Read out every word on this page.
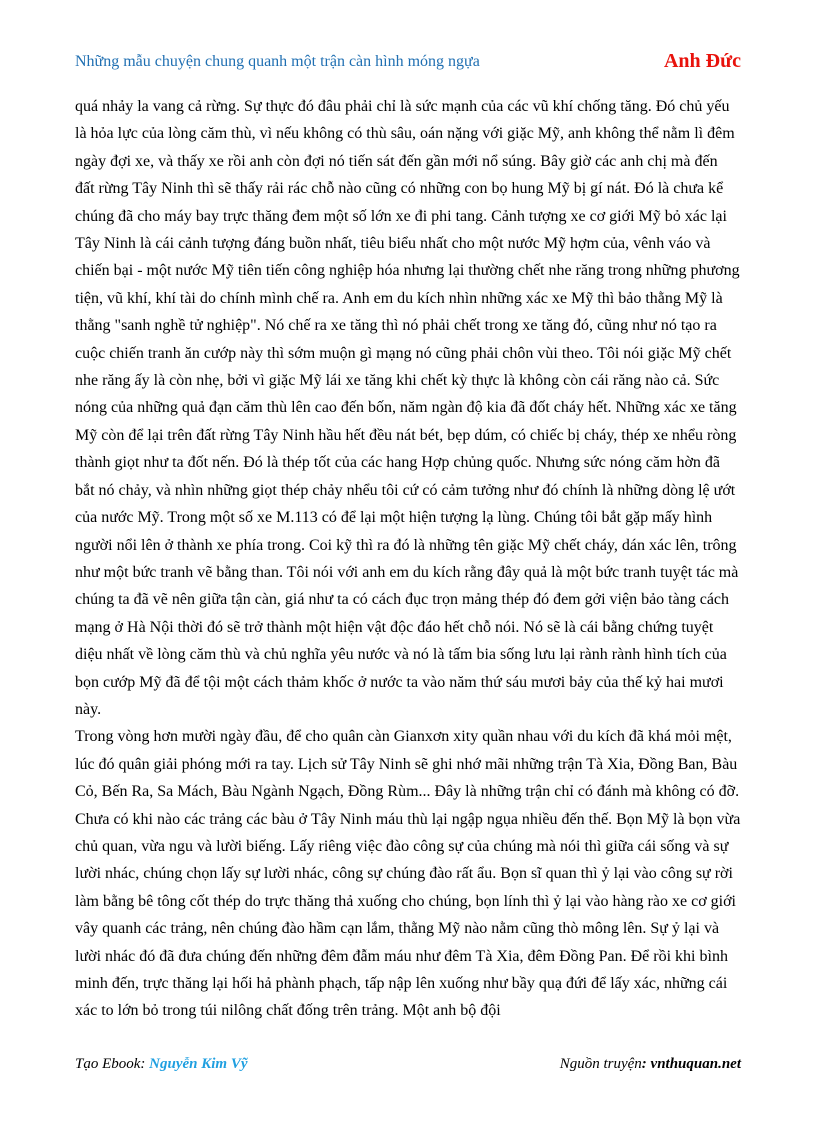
Những mẫu chuyện chung quanh một trận càn hình móng ngựa	Anh Đức

quá nhảy la vang cả rừng. Sự thực đó đâu phải chỉ là sức mạnh của các vũ khí chống tăng. Đó chủ yếu là hỏa lực của lòng căm thù, vì nếu không có thù sâu, oán nặng với giặc Mỹ, anh không thể nằm lì đêm ngày đợi xe, và thấy xe rồi anh còn đợi nó tiến sát đến gần mới nổ súng. Bây giờ các anh chị mà đến đất rừng Tây Ninh thì sẽ thấy rải rác chỗ nào cũng có những con bọ hung Mỹ bị gí nát. Đó là chưa kể chúng đã cho máy bay trực thăng đem một số lớn xe đi phi tang. Cảnh tượng xe cơ giới Mỹ bỏ xác lại Tây Ninh là cái cảnh tượng đáng buồn nhất, tiêu biểu nhất cho một nước Mỹ hợm của, vênh váo và chiến bại - một nước Mỹ tiên tiến công nghiệp hóa nhưng lại thường chết nhe răng trong những phương tiện, vũ khí, khí tài do chính mình chế ra. Anh em du kích nhìn những xác xe Mỹ thì bảo thằng Mỹ là thằng "sanh nghề tử nghiệp". Nó chế ra xe tăng thì nó phải chết trong xe tăng đó, cũng như nó tạo ra cuộc chiến tranh ăn cướp này thì sớm muộn gì mạng nó cũng phải chôn vùi theo. Tôi nói giặc Mỹ chết nhe răng ấy là còn nhẹ, bởi vì giặc Mỹ lái xe tăng khi chết kỳ thực là không còn cái răng nào cả. Sức nóng của những quả đạn căm thù lên cao đến bốn, năm ngàn độ kia đã đốt cháy hết. Những xác xe tăng Mỹ còn để lại trên đất rừng Tây Ninh hầu hết đều nát bét, bẹp dúm, có chiếc bị cháy, thép xe nhểu ròng thành giọt như ta đốt nến. Đó là thép tốt của các hang Hợp chủng quốc. Nhưng sức nóng căm hờn đã bắt nó chảy, và nhìn những giọt thép chảy nhểu tôi cứ có cảm tưởng như đó chính là những dòng lệ ướt của nước Mỹ. Trong một số xe M.113 có để lại một hiện tượng lạ lùng. Chúng tôi bắt gặp mấy hình người nổi lên ở thành xe phía trong. Coi kỹ thì ra đó là những tên giặc Mỹ chết cháy, dán xác lên, trông như một bức tranh vẽ bằng than. Tôi nói với anh em du kích rằng đây quả là một bức tranh tuyệt tác mà chúng ta đã vẽ nên giữa tận càn, giá như ta có cách đục trọn mảng thép đó đem gởi viện bảo tàng cách mạng ở Hà Nội thời đó sẽ trở thành một hiện vật độc đáo hết chỗ nói. Nó sẽ là cái bằng chứng tuyệt diệu nhất về lòng căm thù và chủ nghĩa yêu nước và nó là tấm bia sống lưu lại rành rành hình tích của bọn cướp Mỹ đã để tội một cách thảm khốc ở nước ta vào năm thứ sáu mươi bảy của thế kỷ hai mươi này.

Trong vòng hơn mười ngày đầu, để cho quân càn Gianxơn xity quần nhau với du kích đã khá mỏi mệt, lúc đó quân giải phóng mới ra tay. Lịch sử Tây Ninh sẽ ghi nhớ mãi những trận Tà Xia, Đồng Ban, Bàu Cỏ, Bến Ra, Sa Mách, Bàu Ngành Ngạch, Đồng Rùm... Đây là những trận chỉ có đánh mà không có đỡ. Chưa có khi nào các trảng các bàu ở Tây Ninh máu thù lại ngập ngụa nhiều đến thế. Bọn Mỹ là bọn vừa chủ quan, vừa ngu và lười biếng. Lấy riêng việc đào công sự của chúng mà nói thì giữa cái sống và sự lười nhác, chúng chọn lấy sự lười nhác, công sự chúng đào rất ẩu. Bọn sĩ quan thì ỷ lại vào công sự rời làm bằng bê tông cốt thép do trực thăng thả xuống cho chúng, bọn lính thì ỷ lại vào hàng rào xe cơ giới vây quanh các trảng, nên chúng đào hầm cạn lắm, thằng Mỹ nào nằm cũng thò mông lên. Sự ỷ lại và lười nhác đó đã đưa chúng đến những đêm đẫm máu như đêm Tà Xia, đêm Đồng Pan. Để rồi khi bình minh đến, trực thăng lại hối hả phành phạch, tấp nập lên xuống như bầy quạ đứi để lấy xác, những cái xác to lớn bỏ trong túi nilông chất đống trên trảng. Một anh bộ đội

Tạo Ebook: Nguyễn Kim Vỹ	Nguồn truyện: vnthuquan.net
